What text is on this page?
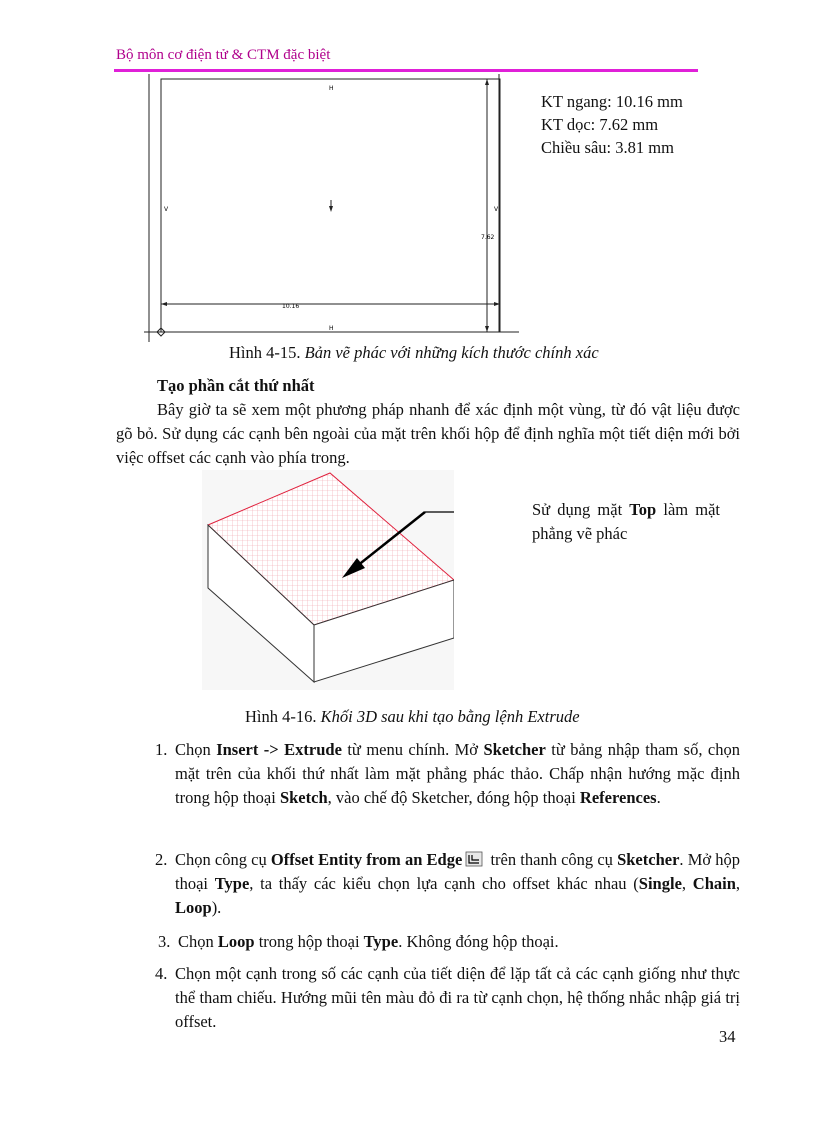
Bộ môn cơ điện tử & CTM đặc biệt
H
H
V	V
10.16
7.62
KT ngang: 10.16 mm
KT dọc: 7.62 mm
Chiều sâu: 3.81 mm
Hình 4-15. Bản vẽ phác với những kích thước chính xác
Tạo phần cắt thứ nhất
Bây giờ ta sẽ xem một phương pháp nhanh để xác định một vùng, từ đó vật liệu được gõ bỏ. Sử dụng các cạnh bên ngoài của mặt trên khối hộp để định nghĩa một tiết diện mới bởi việc offset các cạnh vào phía trong.
Sử dụng mặt Top làm mặt phẳng vẽ phác
Hình 4-16. Khối 3D sau khi tạo bằng lệnh Extrude
1. Chọn Insert -> Extrude từ menu chính. Mở Sketcher từ bảng nhập tham số, chọn mặt trên của khối thứ nhất làm mặt phẳng phác thảo. Chấp nhận hướng mặc định trong hộp thoại Sketch, vào chế độ Sketcher, đóng hộp thoại References.
2. Chọn công cụ Offset Entity from an Edge trên thanh công cụ Sketcher. Mở hộp thoại Type, ta thấy các kiểu chọn lựa cạnh cho offset khác nhau (Single, Chain, Loop).
3. Chọn Loop trong hộp thoại Type. Không đóng hộp thoại.
4. Chọn một cạnh trong số các cạnh của tiết diện để lặp tất cả các cạnh giống như thực thể tham chiếu. Hướng mũi tên màu đỏ đi ra từ cạnh chọn, hệ thống nhắc nhập giá trị offset.
34
